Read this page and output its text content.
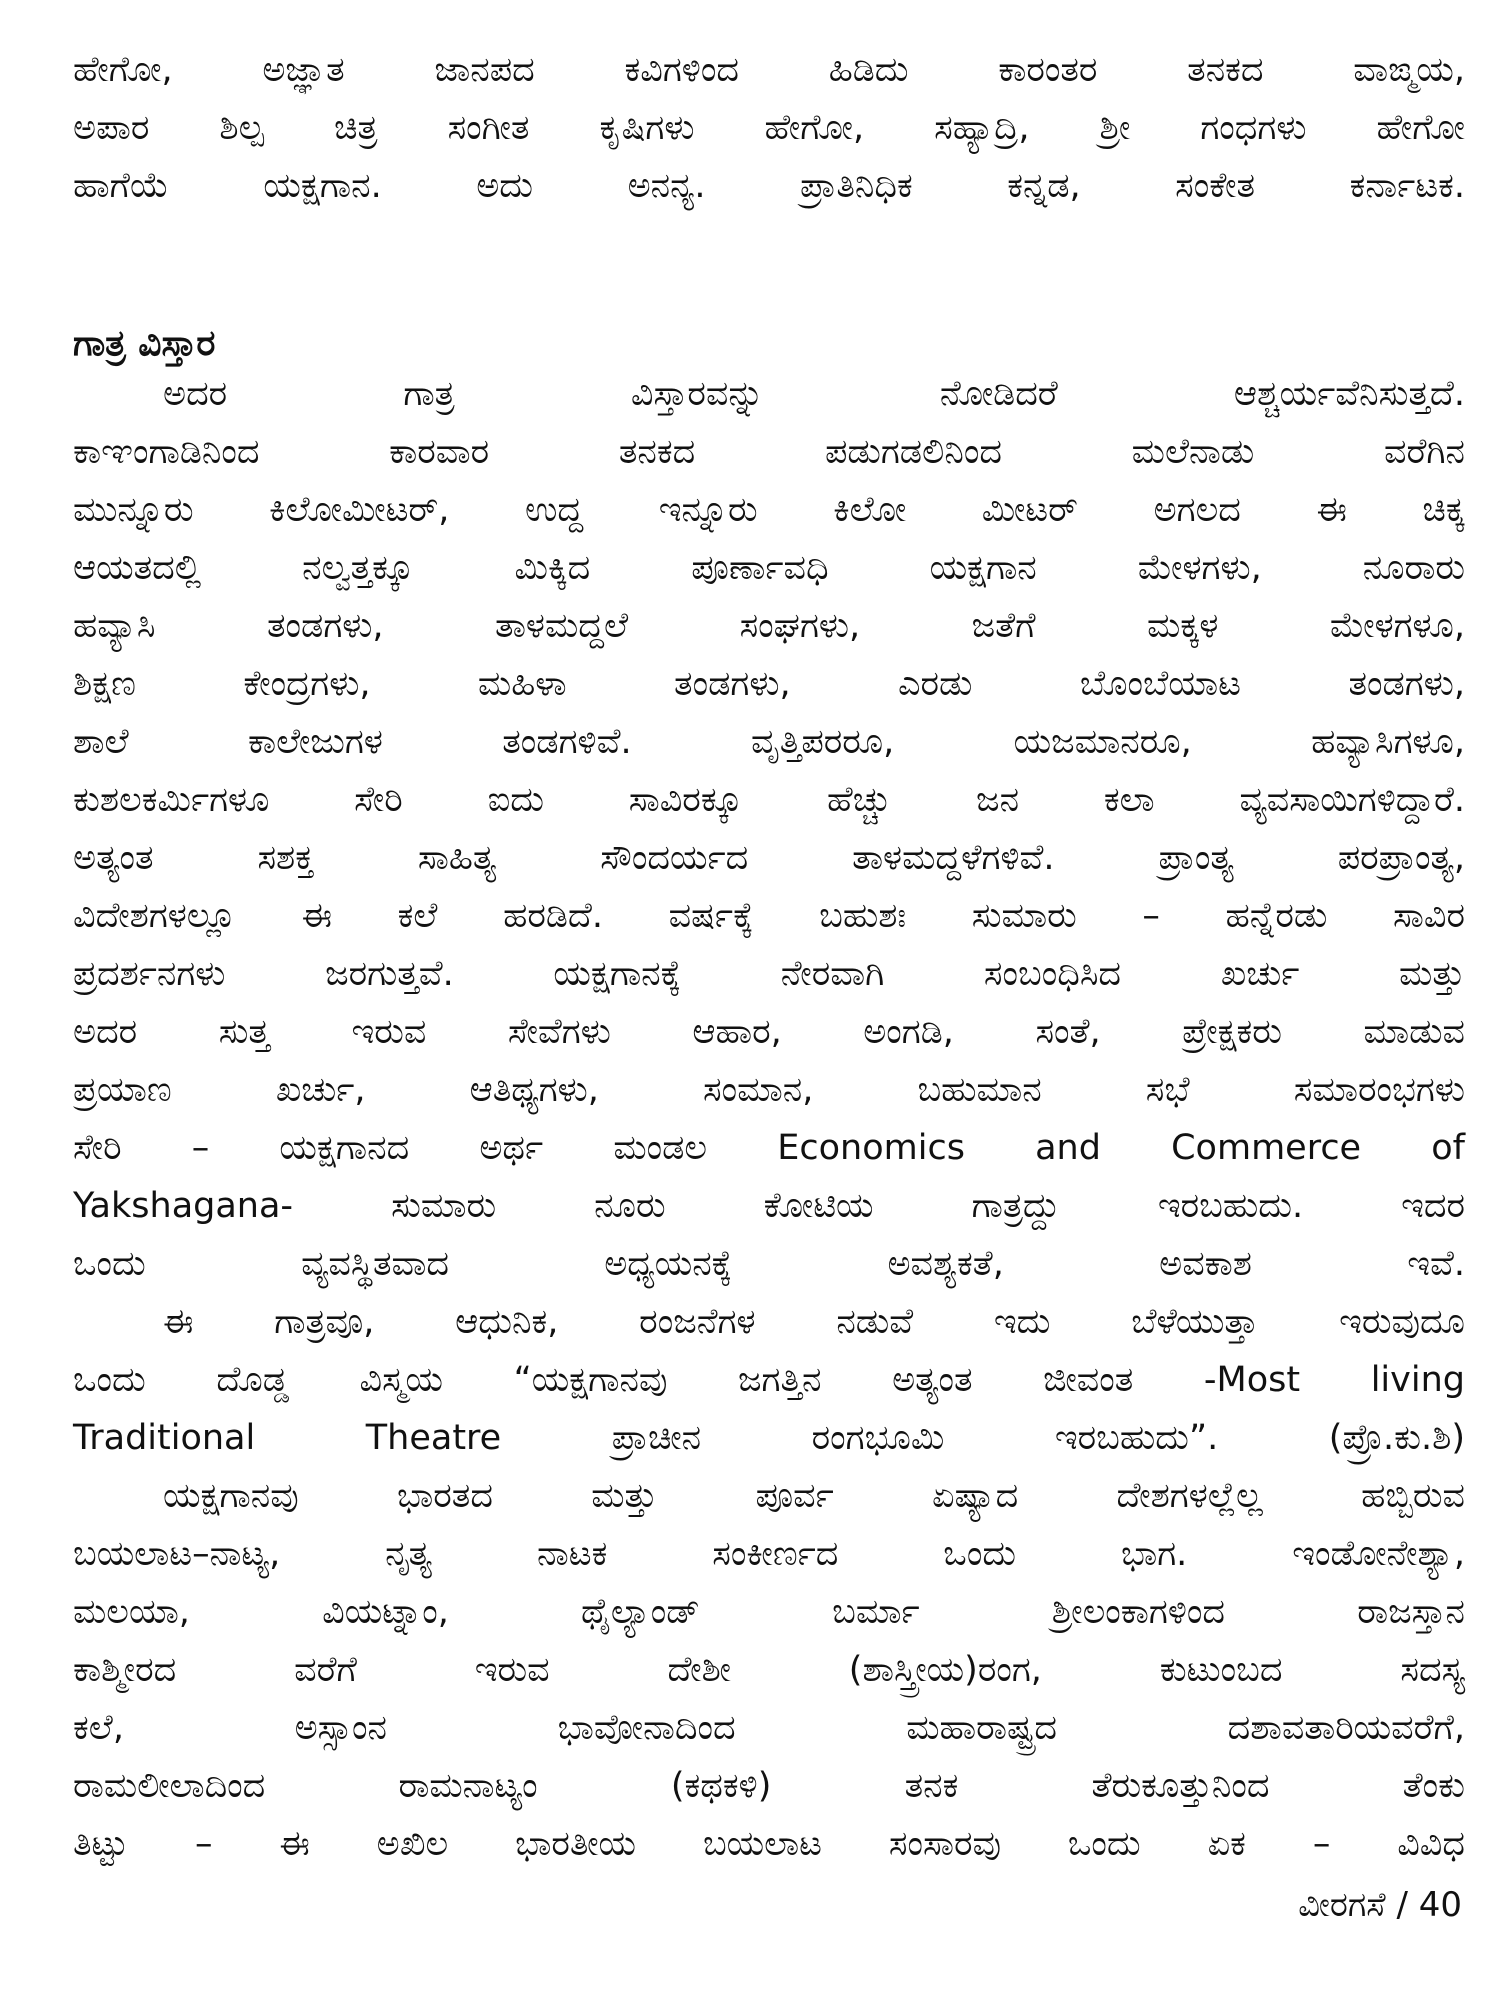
ಹೇಗೋ, ಅಜ್ಞಾತ ಜಾನಪದ ಕವಿಗಳಿಂದ ಹಿಡಿದು ಕಾರಂತರ ತನಕದ ವಾಙ್ಮಯ,
ಅಪಾರ ಶಿಲ್ಪ ಚಿತ್ರ ಸಂಗೀತ ಕೃಷಿಗಳು ಹೇಗೋ, ಸಹ್ಯಾದ್ರಿ, ಶ್ರೀ ಗಂಧಗಳು ಹೇಗೋ
ಹಾಗೆಯೆ ಯಕ್ಷಗಾನ. ಅದು ಅನನ್ಯ. ಪ್ರಾತಿನಿಧಿಕ ಕನ್ನಡ, ಸಂಕೇತ ಕರ್ನಾಟಕ.
ಗಾತ್ರ ವಿಸ್ತಾರ
ಅದರ ಗಾತ್ರ ವಿಸ್ತಾರವನ್ನು ನೋಡಿದರೆ ಆಶ್ಚರ್ಯವೆನಿಸುತ್ತದೆ.
ಕಾಞಂಗಾಡಿನಿಂದ ಕಾರವಾರ ತನಕದ ಪಡುಗಡಲಿನಿಂದ ಮಲೆನಾಡು ವರೆಗಿನ
ಮುನ್ನೂರು ಕಿಲೋಮೀಟರ್, ಉದ್ದ ಇನ್ನೂರು ಕಿಲೋ ಮೀಟರ್ ಅಗಲದ ಈ ಚಿಕ್ಕ
ಆಯತದಲ್ಲಿ ನಲ್ವತ್ತಕ್ಕೂ ಮಿಕ್ಕಿದ ಪೂರ್ಣಾವಧಿ ಯಕ್ಷಗಾನ ಮೇಳಗಳು, ನೂರಾರು
ಹವ್ಯಾಸಿ ತಂಡಗಳು, ತಾಳಮದ್ದಲೆ ಸಂಘಗಳು, ಜತೆಗೆ ಮಕ್ಕಳ ಮೇಳಗಳೂ,
ಶಿಕ್ಷಣ ಕೇಂದ್ರಗಳು, ಮಹಿಳಾ ತಂಡಗಳು, ಎರಡು ಬೊಂಬೆಯಾಟ ತಂಡಗಳು,
ಶಾಲೆ ಕಾಲೇಜುಗಳ ತಂಡಗಳಿವೆ. ವೃತ್ತಿಪರರೂ, ಯಜಮಾನರೂ, ಹವ್ಯಾಸಿಗಳೂ,
ಕುಶಲಕರ್ಮಿಗಳೂ ಸೇರಿ ಐದು ಸಾವಿರಕ್ಕೂ ಹೆಚ್ಚು ಜನ ಕಲಾ ವ್ಯವಸಾಯಿಗಳಿದ್ದಾರೆ.
ಅತ್ಯಂತ ಸಶಕ್ತ ಸಾಹಿತ್ಯ ಸೌಂದರ್ಯದ ತಾಳಮದ್ದಳೆಗಳಿವೆ. ಪ್ರಾಂತ್ಯ ಪರಪ್ರಾಂತ್ಯ,
ವಿದೇಶಗಳಲ್ಲೂ ಈ ಕಲೆ ಹರಡಿದೆ. ವರ್ಷಕ್ಕೆ ಬಹುಶಃ ಸುಮಾರು – ಹನ್ನೆರಡು ಸಾವಿರ
ಪ್ರದರ್ಶನಗಳು ಜರಗುತ್ತವೆ. ಯಕ್ಷಗಾನಕ್ಕೆ ನೇರವಾಗಿ ಸಂಬಂಧಿಸಿದ ಖರ್ಚು ಮತ್ತು
ಅದರ ಸುತ್ತ ಇರುವ ಸೇವೆಗಳು ಆಹಾರ, ಅಂಗಡಿ, ಸಂತೆ, ಪ್ರೇಕ್ಷಕರು ಮಾಡುವ
ಪ್ರಯಾಣ ಖರ್ಚು, ಆತಿಥ್ಯಗಳು, ಸಂಮಾನ, ಬಹುಮಾನ ಸಭೆ ಸಮಾರಂಭಗಳು
ಸೇರಿ – ಯಕ್ಷಗಾನದ ಅರ್ಥ ಮಂಡಲ Economics and Commerce of
Yakshagana- ಸುಮಾರು ನೂರು ಕೋಟಿಯ ಗಾತ್ರದ್ದು ಇರಬಹುದು. ಇದರ
ಒಂದು ವ್ಯವಸ್ಥಿತವಾದ ಅಧ್ಯಯನಕ್ಕೆ ಅವಶ್ಯಕತೆ, ಅವಕಾಶ ಇವೆ.
ಈ ಗಾತ್ರವೂ, ಆಧುನಿಕ, ರಂಜನೆಗಳ ನಡುವೆ ಇದು ಬೆಳೆಯುತ್ತಾ ಇರುವುದೂ
ಒಂದು ದೊಡ್ಡ ವಿಸ್ಮಯ “ಯಕ್ಷಗಾನವು ಜಗತ್ತಿನ ಅತ್ಯಂತ ಜೀವಂತ -Most living
Traditional Theatre ಪ್ರಾಚೀನ ರಂಗಭೂಮಿ ಇರಬಹುದು”. (ಪ್ರೊ.ಕು.ಶಿ)
ಯಕ್ಷಗಾನವು ಭಾರತದ ಮತ್ತು ಪೂರ್ವ ಏಷ್ಯಾದ ದೇಶಗಳಲ್ಲೆಲ್ಲ ಹಬ್ಬಿರುವ
ಬಯಲಾಟ–ನಾಟ್ಯ, ನೃತ್ಯ ನಾಟಕ ಸಂಕೀರ್ಣದ ಒಂದು ಭಾಗ. ಇಂಡೋನೇಶ್ಯಾ,
ಮಲಯಾ, ವಿಯಟ್ನಾಂ, ಥೈಲ್ಯಾಂಡ್ ಬರ್ಮಾ ಶ್ರೀಲಂಕಾಗಳಿಂದ ರಾಜಸ್ತಾನ
ಕಾಶ್ಮೀರದ ವರೆಗೆ ಇರುವ ದೇಶೀ (ಶಾಸ್ತ್ರೀಯ)ರಂಗ, ಕುಟುಂಬದ ಸದಸ್ಯ
ಕಲೆ, ಅಸ್ಸಾಂನ ಭಾವೋನಾದಿಂದ ಮಹಾರಾಷ್ಟ್ರದ ದಶಾವತಾರಿಯವರೆಗೆ,
ರಾಮಲೀಲಾದಿಂದ ರಾಮನಾಟ್ಯಂ (ಕಥಕಳಿ) ತನಕ ತೆರುಕೂತ್ತುನಿಂದ ತೆಂಕು
ತಿಟ್ಟು – ಈ ಅಖಿಲ ಭಾರತೀಯ ಬಯಲಾಟ ಸಂಸಾರವು ಒಂದು ಏಕ – ವಿವಿಧ
ವೀರಗಸೆ / 40
